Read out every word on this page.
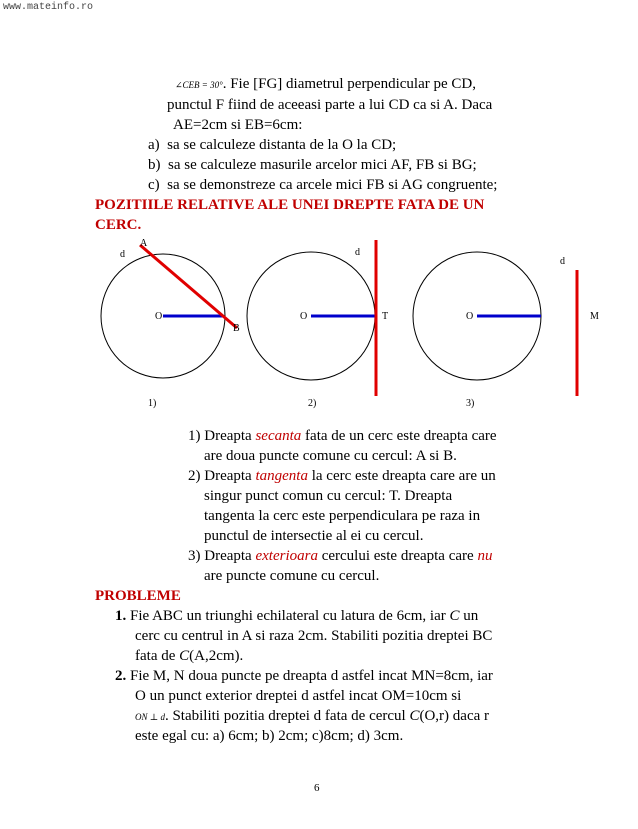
www.mateinfo.ro
∠CEB = 30°. Fie [FG] diametrul perpendicular pe CD,
punctul F fiind de aceeasi parte a lui CD ca si A. Daca
AE=2cm si EB=6cm:
a) sa se calculeze distanta de la O la CD;
b) sa se calculeze masurile arcelor mici AF, FB si BG;
c) sa se demonstreze ca arcele mici FB si AG congruente;
POZITIILE RELATIVE ALE UNEI DREPTE FATA DE UN
CERC.
d
A
O
B
1)
d
O	T
2)
d
O	M
3)
1) Dreapta secanta fata de un cerc este dreapta care
are doua puncte comune cu cercul: A si B.
2) Dreapta tangenta la cerc este dreapta care are un
singur punct comun cu cercul: T. Dreapta
tangenta la cerc este perpendiculara pe raza in
punctul de intersectie al ei cu cercul.
3) Dreapta exterioara cercului este dreapta care nu
are puncte comune cu cercul.
PROBLEME
1. Fie ABC un triunghi echilateral cu latura de 6cm, iar C un
cerc cu centrul in A si raza 2cm. Stabiliti pozitia dreptei BC
fata de C(A,2cm).
2. Fie M, N doua puncte pe dreapta d astfel incat MN=8cm, iar
O un punct exterior dreptei d astfel incat OM=10cm si
ON ⊥ d. Stabiliti pozitia dreptei d fata de cercul C(O,r) daca r
este egal cu: a) 6cm; b) 2cm; c)8cm; d) 3cm.
6
